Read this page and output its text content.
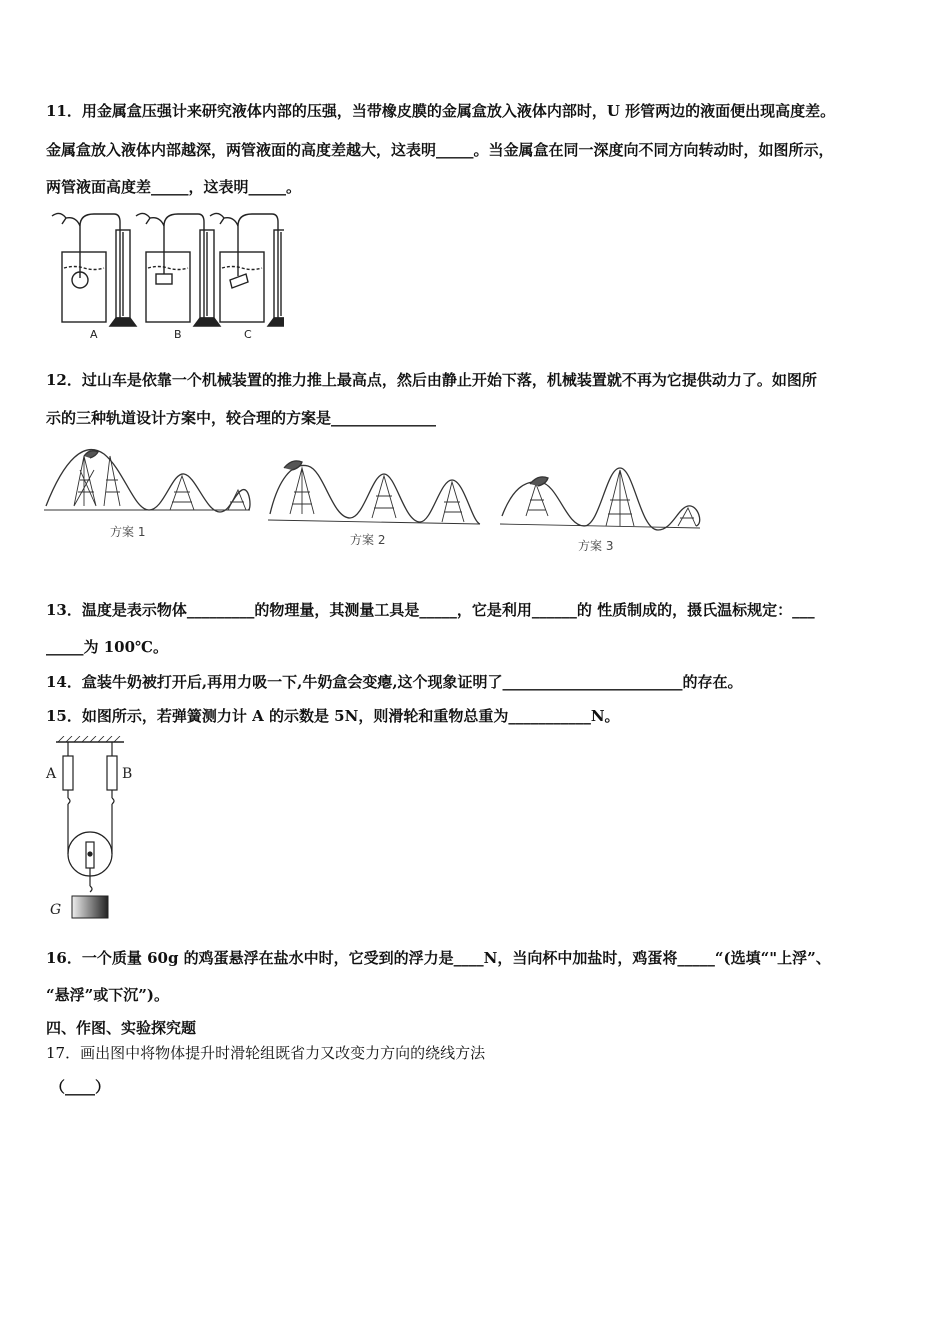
11．用金属盒压强计来研究液体内部的压强，当带橡皮膜的金属盒放入液体内部时，U 形管两边的液面便出现高度差。
金属盒放入液体内部越深，两管液面的高度差越大，这表明_____。当金属盒在同一深度向不同方向转动时，如图所示，
两管液面高度差_____，这表明_____。
A	B	C
12．过山车是依靠一个机械装置的推力推上最高点，然后由静止开始下落，机械装置就不再为它提供动力了。如图所
示的三种轨道设计方案中，较合理的方案是______________
方案 1
方案 2	方案 3
13．温度是表示物体_________的物理量，其测量工具是_____，它是利用______的 性质制成的，摄氏温标规定：___
_____为 100℃。
14．盒装牛奶被打开后,再用力吸一下,牛奶盒会变瘪,这个现象证明了________________________的存在。
15．如图所示，若弹簧测力计 A 的示数是 5N，则滑轮和重物总重为___________N。
A	B
G
16．一个质量 60g 的鸡蛋悬浮在盐水中时，它受到的浮力是____N，当向杯中加盐时，鸡蛋将_____“(选填“"上浮”、
“悬浮”或下沉”)。
四、作图、实验探究题
17．画出图中将物体提升时滑轮组既省力又改变力方向的绕线方法
（____）
